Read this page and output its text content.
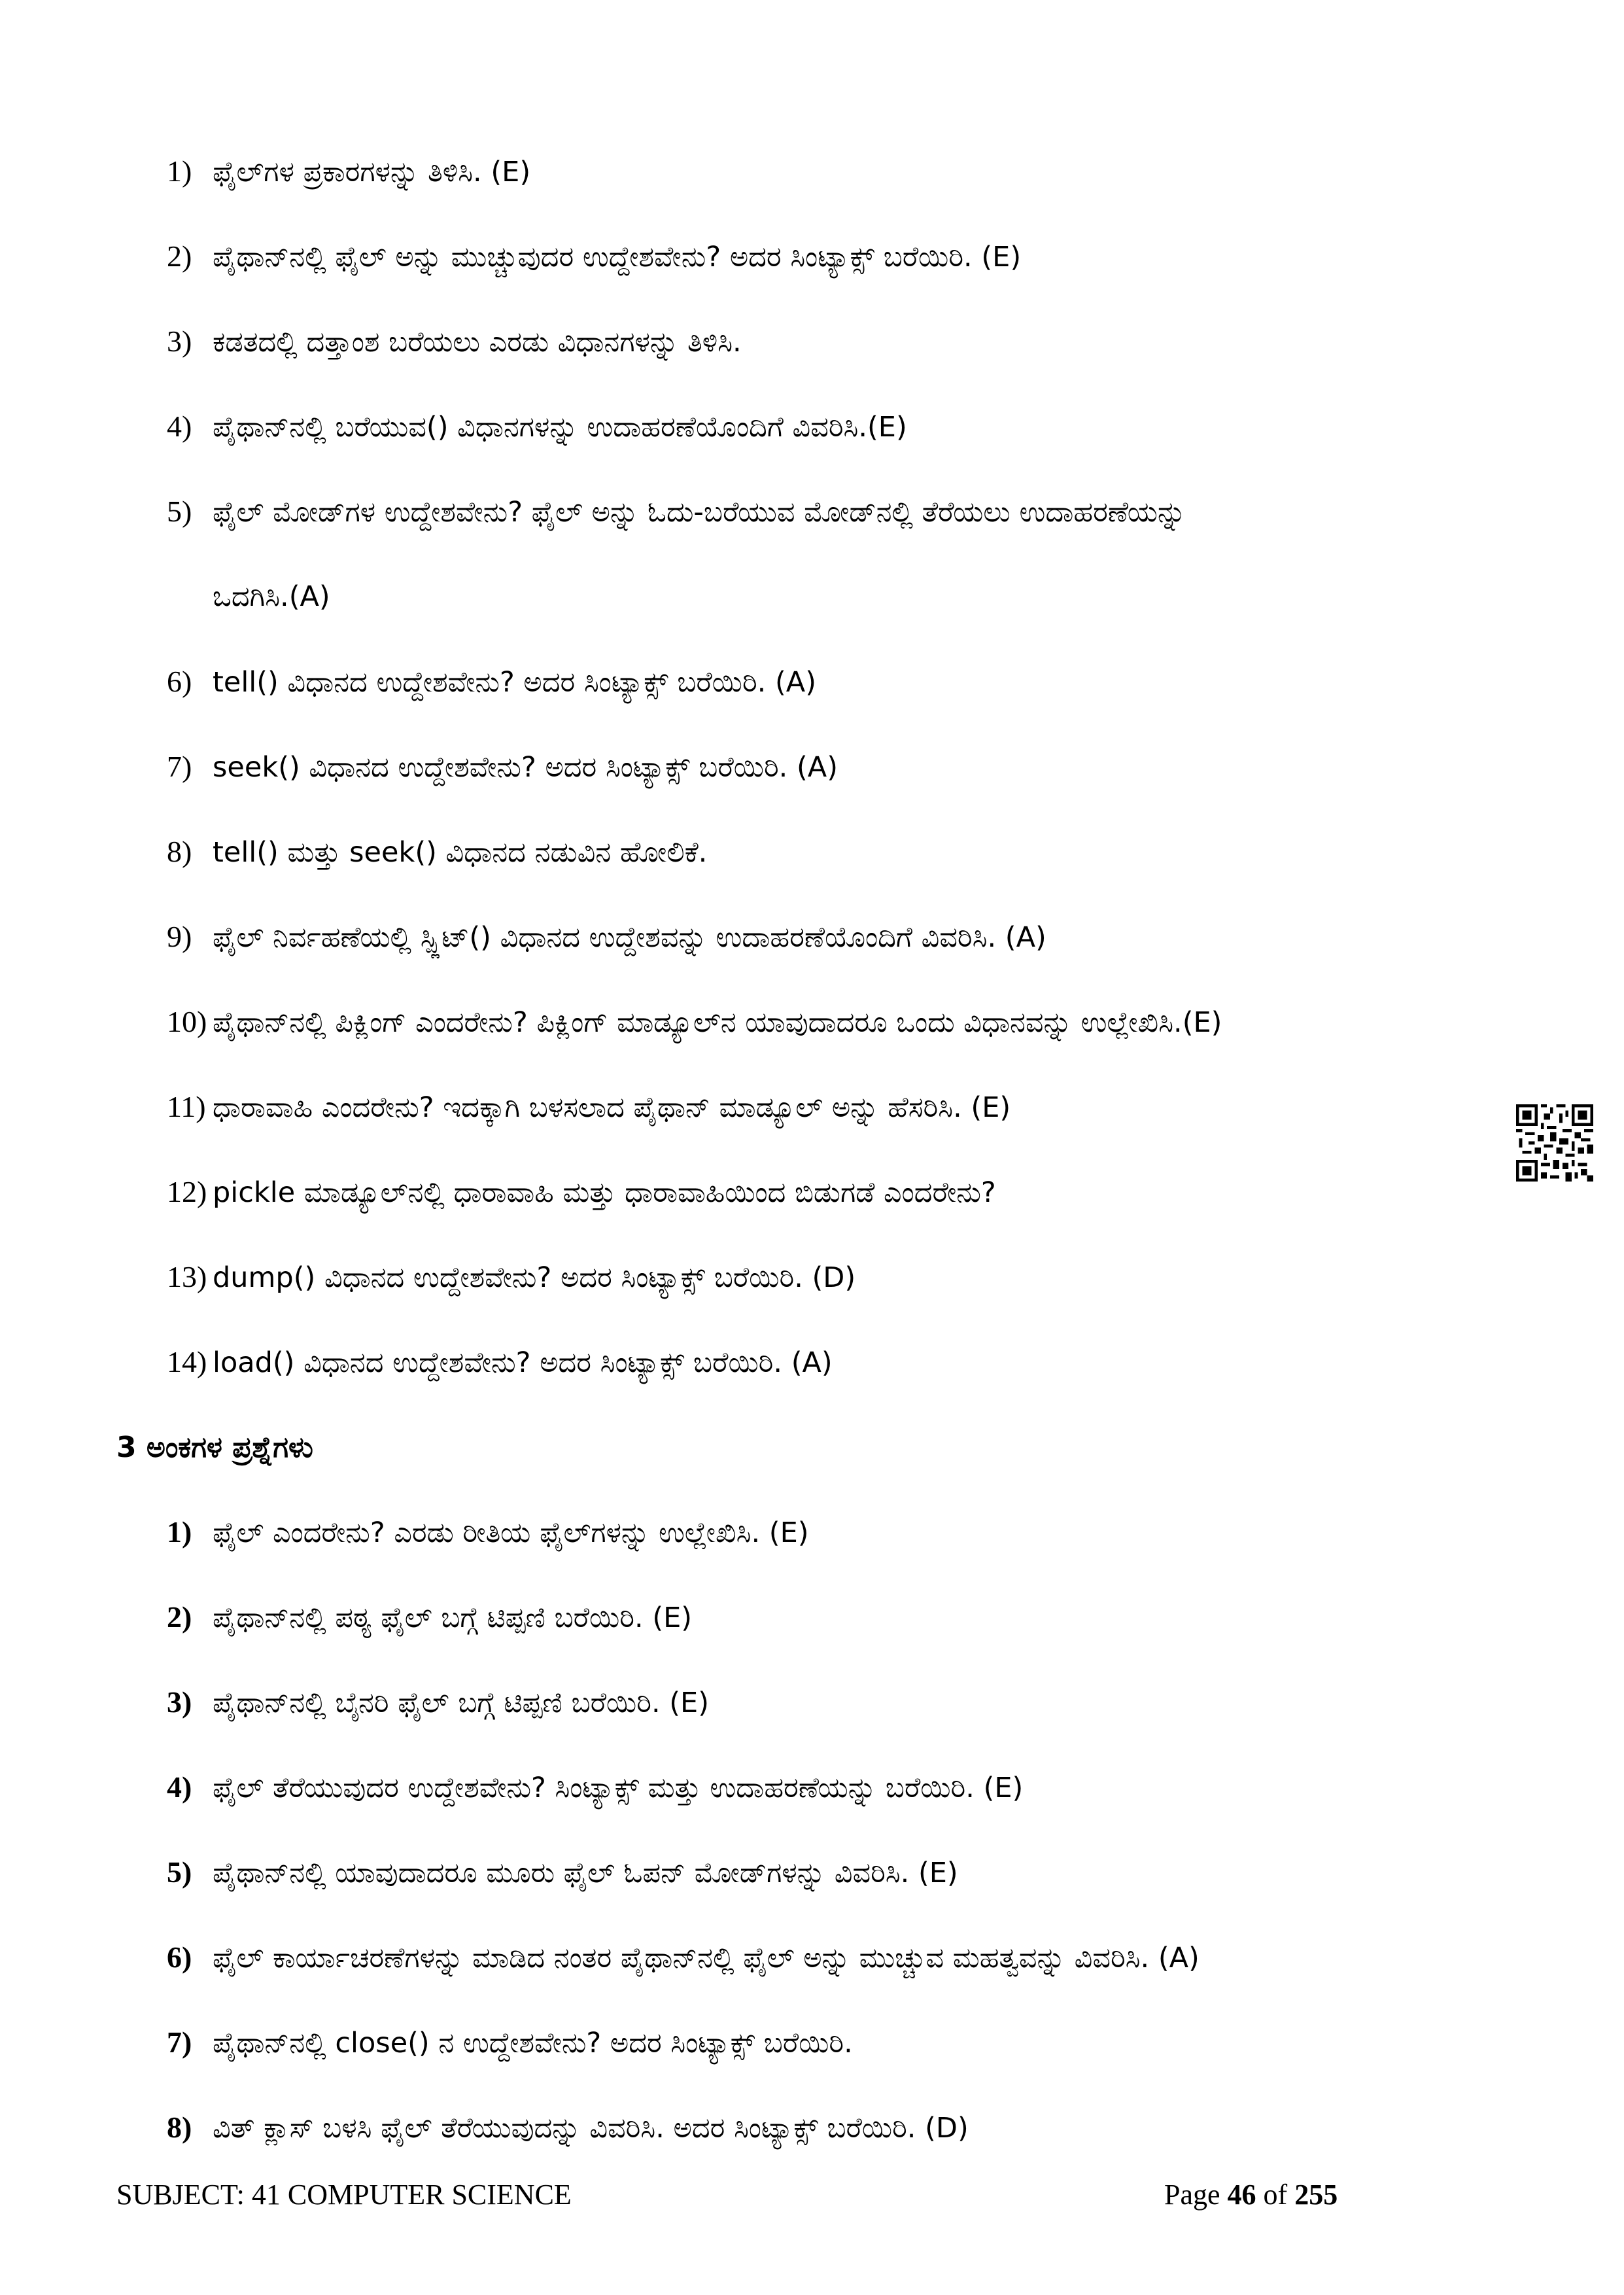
1) ಫೈಲ್‌ಗಳ ಪ್ರಕಾರಗಳನ್ನು ತಿಳಿಸಿ. (E)
2) ಪೈಥಾನ್‌ನಲ್ಲಿ ಫೈಲ್ ಅನ್ನು ಮುಚ್ಚುವುದರ ಉದ್ದೇಶವೇನು? ಅದರ ಸಿಂಟ್ಯಾಕ್ಸ್ ಬರೆಯಿರಿ. (E)
3) ಕಡತದಲ್ಲಿ ದತ್ತಾಂಶ ಬರೆಯಲು ಎರಡು ವಿಧಾನಗಳನ್ನು ತಿಳಿಸಿ.
4) ಪೈಥಾನ್‌ನಲ್ಲಿ ಬರೆಯುವ() ವಿಧಾನಗಳನ್ನು ಉದಾಹರಣೆಯೊಂದಿಗೆ ವಿವರಿಸಿ.(E)
5) ಫೈಲ್ ಮೋಡ್‌ಗಳ ಉದ್ದೇಶವೇನು? ಫೈಲ್ ಅನ್ನು ಓದು-ಬರೆಯುವ ಮೋಡ್‌ನಲ್ಲಿ ತೆರೆಯಲು ಉದಾಹರಣೆಯನ್ನು
ಒದಗಿಸಿ.(A)
6) tell() ವಿಧಾನದ ಉದ್ದೇಶವೇನು? ಅದರ ಸಿಂಟ್ಯಾಕ್ಸ್ ಬರೆಯಿರಿ. (A)
7) seek() ವಿಧಾನದ ಉದ್ದೇಶವೇನು? ಅದರ ಸಿಂಟ್ಯಾಕ್ಸ್ ಬರೆಯಿರಿ. (A)
8) tell() ಮತ್ತು seek() ವಿಧಾನದ ನಡುವಿನ ಹೋಲಿಕೆ.
9) ಫೈಲ್ ನಿರ್ವಹಣೆಯಲ್ಲಿ ಸ್ಪ್ಲಿಟ್() ವಿಧಾನದ ಉದ್ದೇಶವನ್ನು ಉದಾಹರಣೆಯೊಂದಿಗೆ ವಿವರಿಸಿ. (A)
10) ಪೈಥಾನ್‌ನಲ್ಲಿ ಪಿಕ್ಲಿಂಗ್ ಎಂದರೇನು? ಪಿಕ್ಲಿಂಗ್ ಮಾಡ್ಯೂಲ್‌ನ ಯಾವುದಾದರೂ ಒಂದು ವಿಧಾನವನ್ನು ಉಲ್ಲೇಖಿಸಿ.(E)
11) ಧಾರಾವಾಹಿ ಎಂದರೇನು? ಇದಕ್ಕಾಗಿ ಬಳಸಲಾದ ಪೈಥಾನ್ ಮಾಡ್ಯೂಲ್ ಅನ್ನು ಹೆಸರಿಸಿ. (E)
12) pickle ಮಾಡ್ಯೂಲ್‌ನಲ್ಲಿ ಧಾರಾವಾಹಿ ಮತ್ತು ಧಾರಾವಾಹಿಯಿಂದ ಬಿಡುಗಡೆ ಎಂದರೇನು?
13) dump() ವಿಧಾನದ ಉದ್ದೇಶವೇನು? ಅದರ ಸಿಂಟ್ಯಾಕ್ಸ್ ಬರೆಯಿರಿ. (D)
14) load() ವಿಧಾನದ ಉದ್ದೇಶವೇನು? ಅದರ ಸಿಂಟ್ಯಾಕ್ಸ್ ಬರೆಯಿರಿ. (A)
3 ಅಂಕಗಳ ಪ್ರಶ್ನೆಗಳು
1) ಫೈಲ್ ಎಂದರೇನು? ಎರಡು ರೀತಿಯ ಫೈಲ್‌ಗಳನ್ನು ಉಲ್ಲೇಖಿಸಿ. (E)
2) ಪೈಥಾನ್‌ನಲ್ಲಿ ಪಠ್ಯ ಫೈಲ್ ಬಗ್ಗೆ ಟಿಪ್ಪಣಿ ಬರೆಯಿರಿ. (E)
3) ಪೈಥಾನ್‌ನಲ್ಲಿ ಬೈನರಿ ಫೈಲ್ ಬಗ್ಗೆ ಟಿಪ್ಪಣಿ ಬರೆಯಿರಿ. (E)
4) ಫೈಲ್ ತೆರೆಯುವುದರ ಉದ್ದೇಶವೇನು? ಸಿಂಟ್ಯಾಕ್ಸ್ ಮತ್ತು ಉದಾಹರಣೆಯನ್ನು ಬರೆಯಿರಿ. (E)
5) ಪೈಥಾನ್‌ನಲ್ಲಿ ಯಾವುದಾದರೂ ಮೂರು ಫೈಲ್ ಓಪನ್ ಮೋಡ್‌ಗಳನ್ನು ವಿವರಿಸಿ. (E)
6) ಫೈಲ್ ಕಾರ್ಯಾಚರಣೆಗಳನ್ನು ಮಾಡಿದ ನಂತರ ಪೈಥಾನ್‌ನಲ್ಲಿ ಫೈಲ್ ಅನ್ನು ಮುಚ್ಚುವ ಮಹತ್ವವನ್ನು ವಿವರಿಸಿ. (A)
7) ಪೈಥಾನ್‌ನಲ್ಲಿ close() ನ ಉದ್ದೇಶವೇನು? ಅದರ ಸಿಂಟ್ಯಾಕ್ಸ್ ಬರೆಯಿರಿ.
8) ವಿತ್ ಕ್ಲಾಸ್ ಬಳಸಿ ಫೈಲ್ ತೆರೆಯುವುದನ್ನು ವಿವರಿಸಿ. ಅದರ ಸಿಂಟ್ಯಾಕ್ಸ್ ಬರೆಯಿರಿ. (D)
SUBJECT: 41 COMPUTER SCIENCE	Page 46 of 255
